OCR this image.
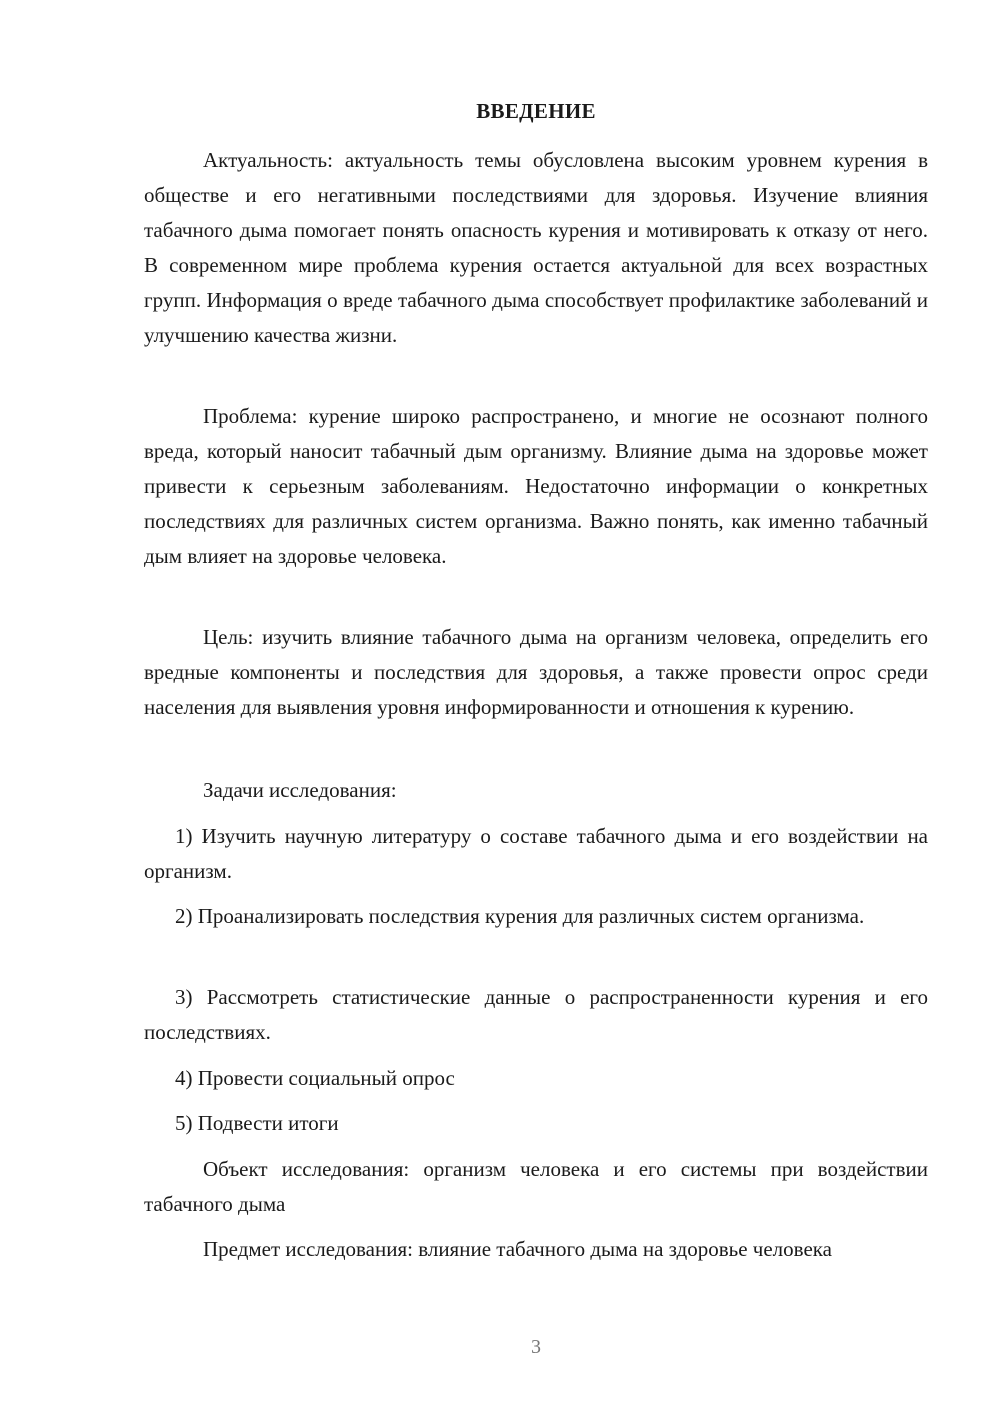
ВВЕДЕНИЕ

Актуальность: актуальность темы обусловлена высоким уровнем курения в обществе и его негативными последствиями для здоровья. Изучение влияния табачного дыма помогает понять опасность курения и мотивировать к отказу от него. В современном мире проблема курения остается актуальной для всех возрастных групп. Информация о вреде табачного дыма способствует профилактике заболеваний и улучшению качества жизни.

Проблема: курение широко распространено, и многие не осознают полного вреда, который наносит табачный дым организму. Влияние дыма на здоровье может привести к серьезным заболеваниям. Недостаточно информации о конкретных последствиях для различных систем организма. Важно понять, как именно табачный дым влияет на здоровье человека.

Цель: изучить влияние табачного дыма на организм человека, определить его вредные компоненты и последствия для здоровья, а также провести опрос среди населения для выявления уровня информированности и отношения к курению.

Задачи исследования:

1) Изучить научную литературу о составе табачного дыма и его воздействии на организм.

2) Проанализировать последствия курения для различных систем организма.

3) Рассмотреть статистические данные о распространенности курения и его последствиях.

4) Провести социальный опрос

5) Подвести итоги

Объект исследования: организм человека и его системы при воздействии табачного дыма

Предмет исследования: влияние табачного дыма на здоровье человека

3
